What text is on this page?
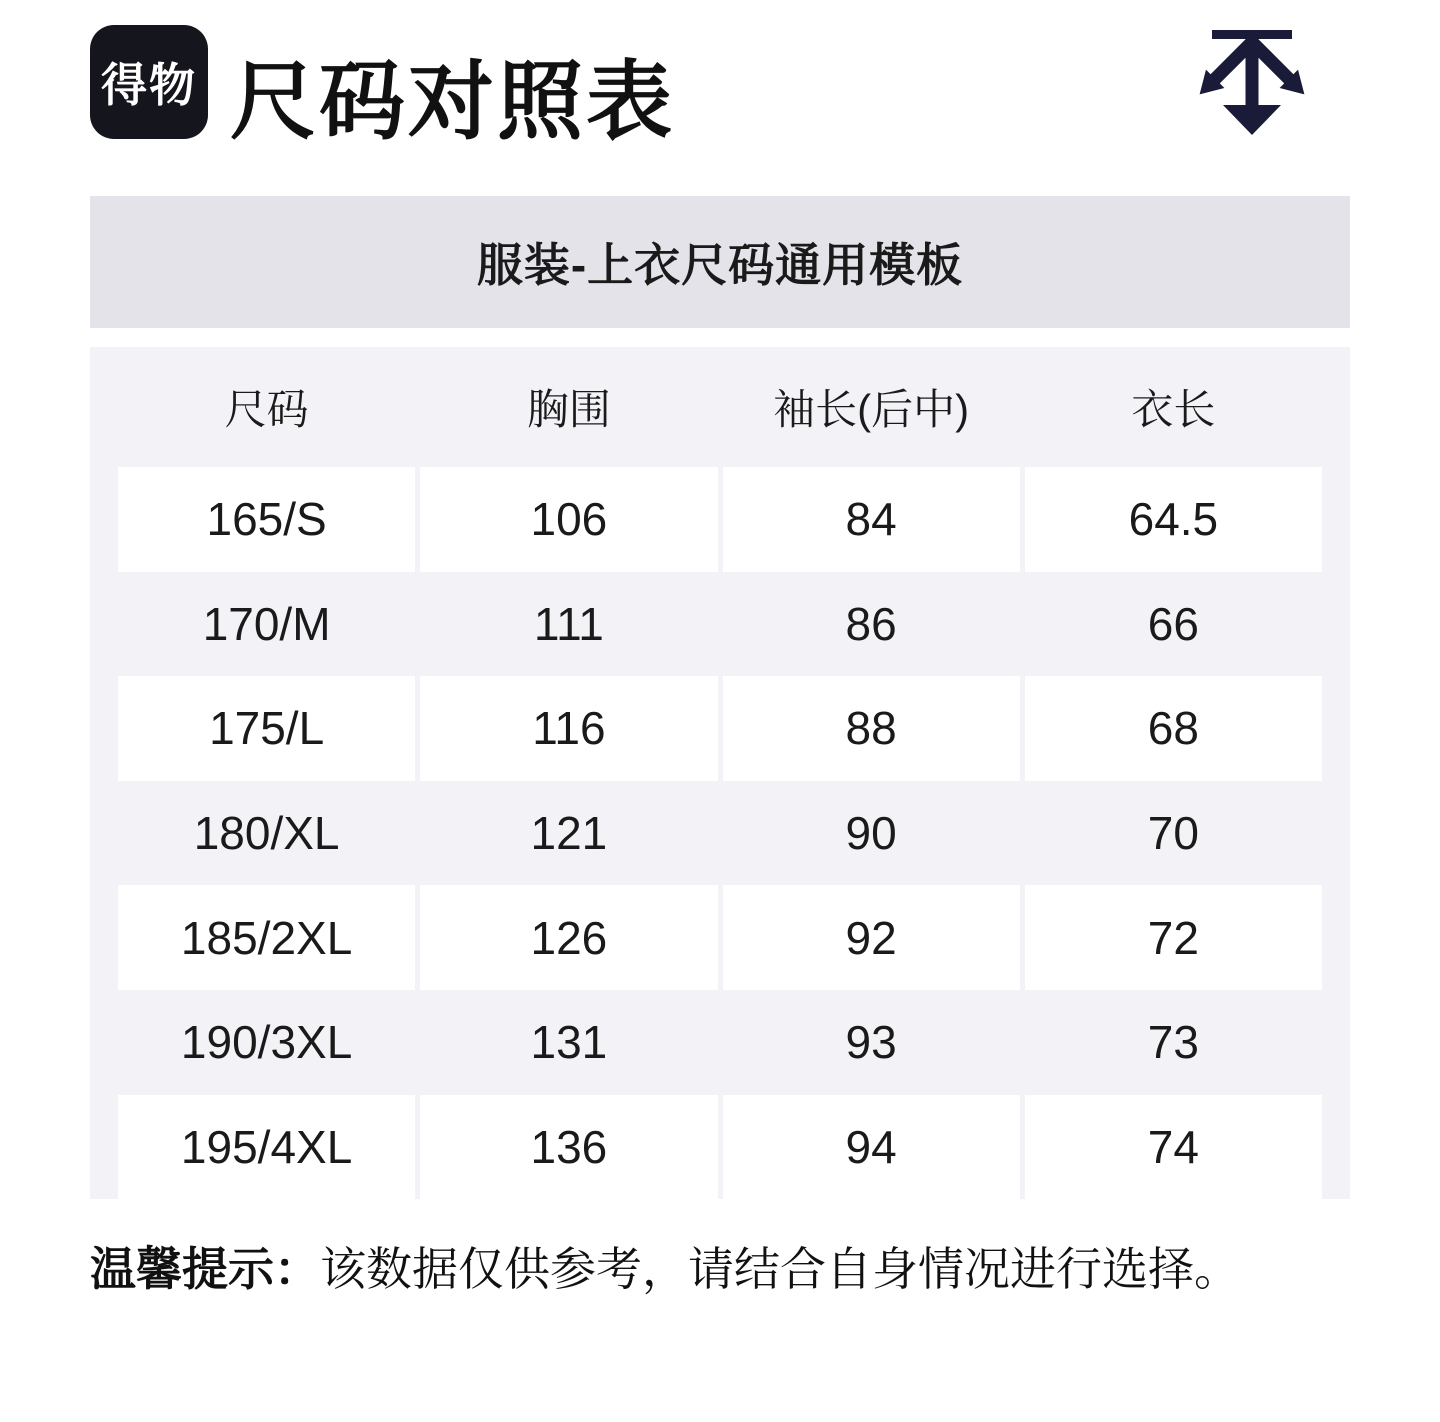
得物 尺码对照表
服装-上衣尺码通用模板
尺码	胸围	袖长(后中)	衣长
165/S	106	84	64.5
170/M	111	86	66
175/L	116	88	68
180/XL	121	90	70
185/2XL	126	92	72
190/3XL	131	93	73
195/4XL	136	94	74
温馨提示：该数据仅供参考，请结合自身情况进行选择。
